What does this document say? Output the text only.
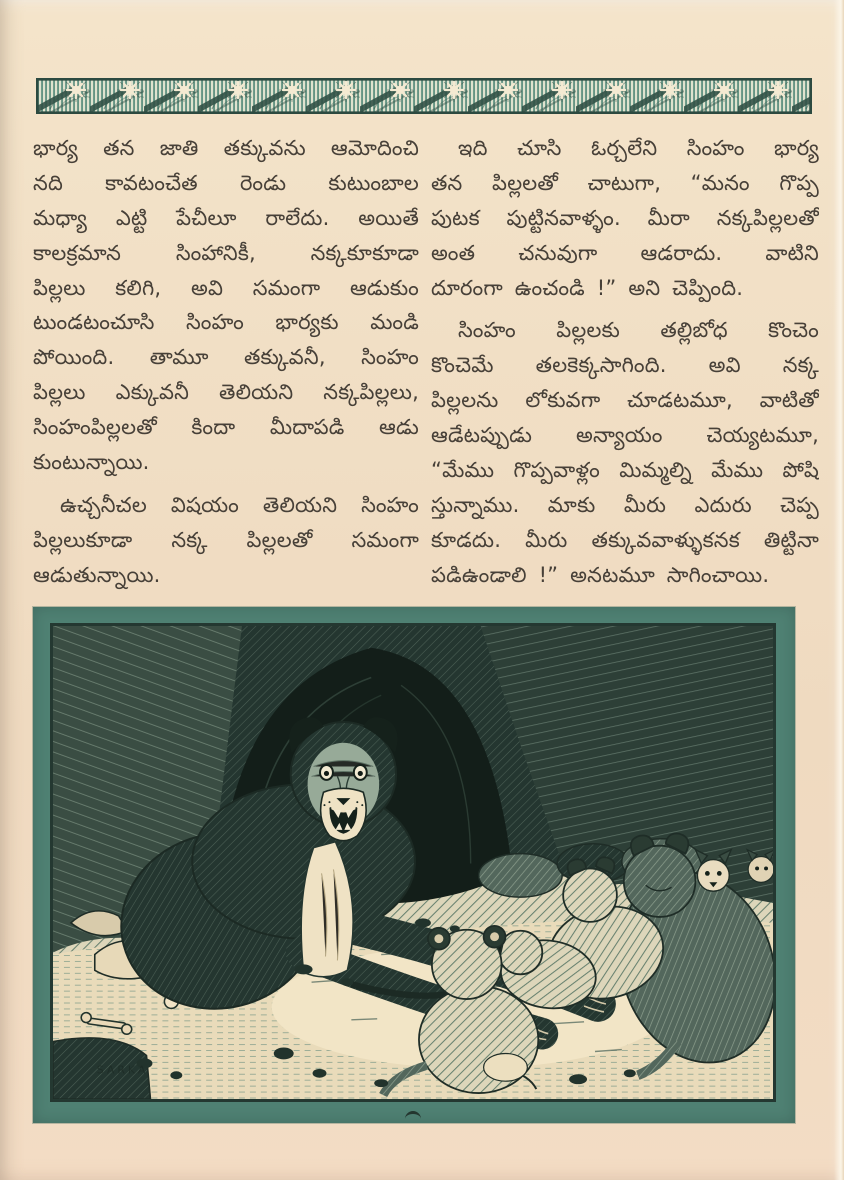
భార్య తన జాతి తక్కువను ఆమోదించి
నది కావటంచేత రెండు కుటుంబాల
మధ్యా ఎట్టి పేచీలూ రాలేదు. అయితే
కాలక్రమాన సింహానికీ, నక్కకూకూడా
పిల్లలు కలిగి, అవి సమంగా ఆడుకుం
టుండటంచూసి సింహం భార్యకు మండి
పోయింది. తామూ తక్కువనీ, సింహం
పిల్లలు ఎక్కువనీ తెలియని నక్కపిల్లలు,
సింహంపిల్లలతో కిందా మీదాపడి ఆడు
కుంటున్నాయి.
ఉచ్చనీచల విషయం తెలియని సింహం
పిల్లలుకూడా నక్క పిల్లలతో సమంగా
ఆడుతున్నాయి.
ఇది చూసి ఓర్చలేని సింహం భార్య
తన పిల్లలతో చాటుగా, “మనం గొప్ప
పుటక పుట్టినవాళ్ళం. మీరా నక్కపిల్లలతో
అంత చనువుగా ఆడరాదు. వాటిని
దూరంగా ఉంచండి !” అని చెప్పింది.
సింహం పిల్లలకు తల్లిబోధ కొంచెం
కొంచెమే తలకెక్కసాగింది. అవి నక్క
పిల్లలను లోకువగా చూడటమూ, వాటితో
ఆడేటప్పుడు అన్యాయం చెయ్యటమూ,
“మేము గొప్పవాళ్లం మిమ్మల్ని మేము పోషి
స్తున్నాము. మాకు మీరు ఎదురు చెప్ప
కూడదు. మీరు తక్కువవాళ్ళుకనక తిట్టినా
పడిఉండాలి !” అనటమూ సాగించాయి.
SARKA
